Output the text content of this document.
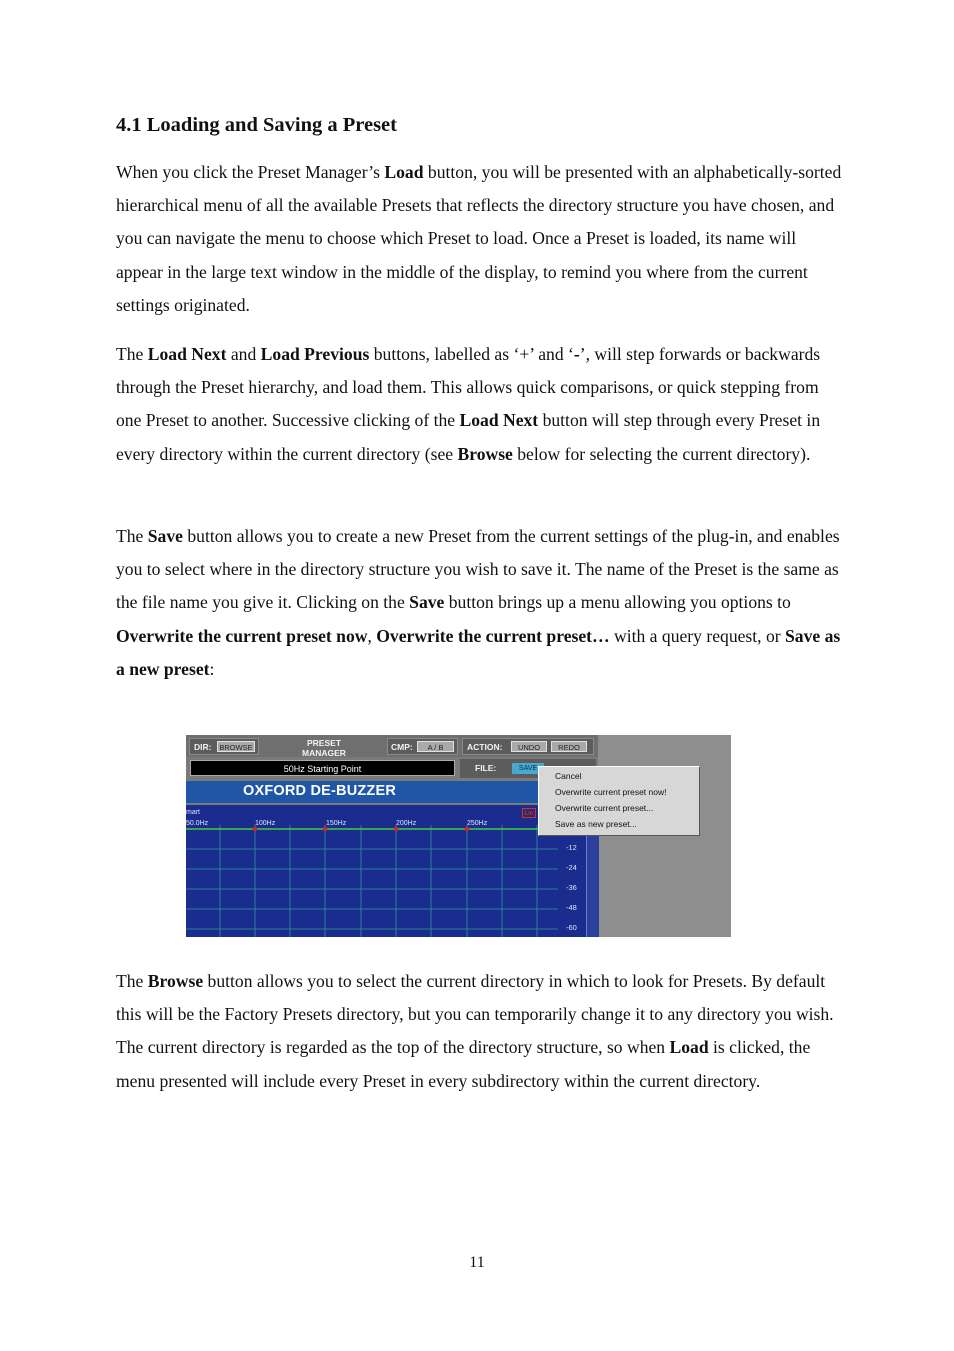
4.1 Loading and Saving a Preset

When you click the Preset Manager’s Load button, you will be presented with an alphabetically-sorted hierarchical menu of all the available Presets that reflects the directory structure you have chosen, and you can navigate the menu to choose which Preset to load. Once a Preset is loaded, its name will appear in the large text window in the middle of the display, to remind you where from the current settings originated.

The Load Next and Load Previous buttons, labelled as ‘+’ and ‘-’, will step forwards or backwards through the Preset hierarchy, and load them. This allows quick comparisons, or quick stepping from one Preset to another. Successive clicking of the Load Next button will step through every Preset in every directory within the current directory (see Browse below for selecting the current directory).

The Save button allows you to create a new Preset from the current settings of the plug-in, and enables you to select where in the directory structure you wish to save it. The name of the Preset is the same as the file name you give it. Clicking on the Save button brings up a menu allowing you options to Overwrite the current preset now, Overwrite the current preset… with a query request, or Save as a new preset:

DIR:	BROWSE	PRESET
MANAGER
CMP:	A / B	ACTION:	UNDO	REDO
50Hz Starting Point	FILE:	SAVE
OXFORD DE-BUZZER
mart	Lin
50.0Hz	100Hz	150Hz	200Hz	250Hz
-12
-24
-36
-48
-60
Cancel
Overwrite current preset now!
Overwrite current preset...
Save as new preset...

The Browse button allows you to select the current directory in which to look for Presets. By default this will be the Factory Presets directory, but you can temporarily change it to any directory you wish. The current directory is regarded as the top of the directory structure, so when Load is clicked, the menu presented will include every Preset in every subdirectory within the current directory.

11
